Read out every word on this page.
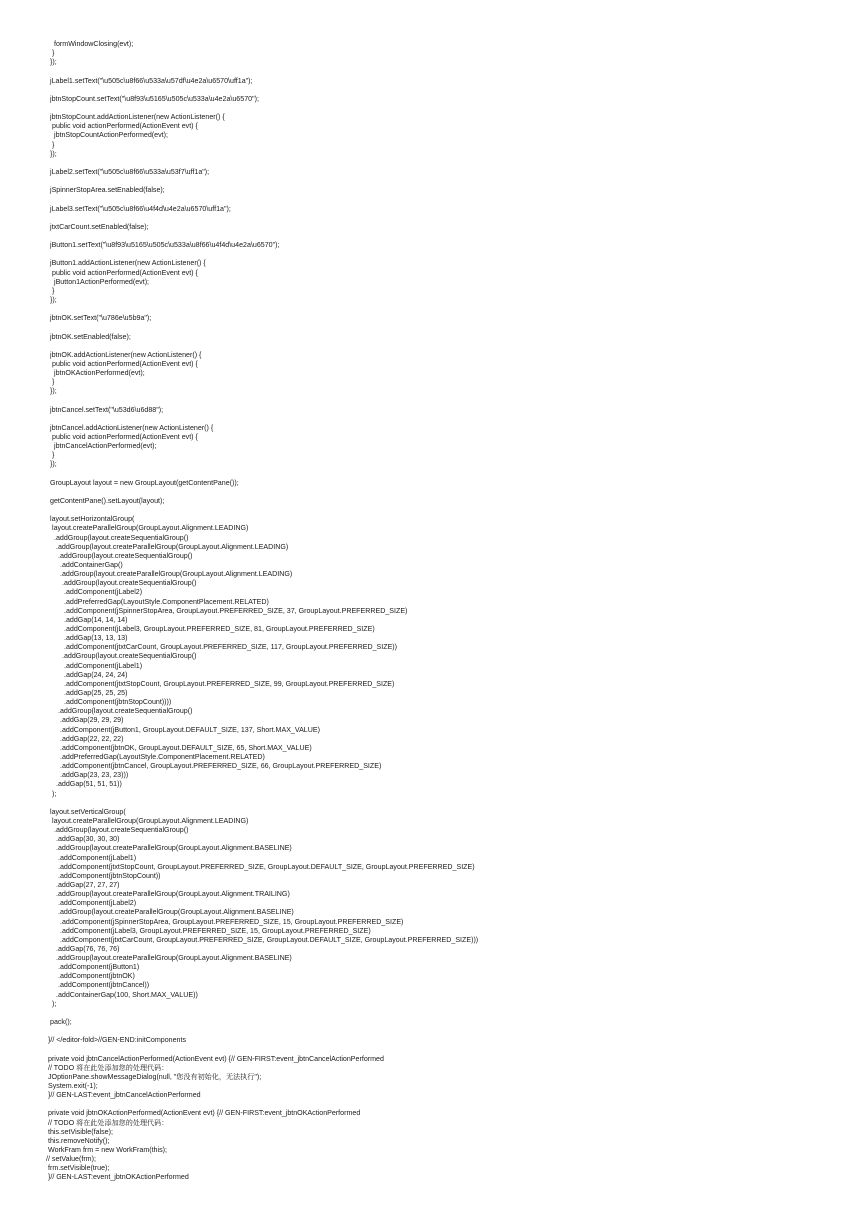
formWindowClosing(evt);
}
});
jLabel1.setText("\u505c\u8f66\u533a\u57df\u4e2a\u6570\uff1a");
jbtnStopCount.setText("\u8f93\u5165\u505c\u533a\u4e2a\u6570");
jbtnStopCount.addActionListener(new ActionListener() {
public void actionPerformed(ActionEvent evt) {
jbtnStopCountActionPerformed(evt);
}
});
jLabel2.setText("\u505c\u8f66\u533a\u53f7\uff1a");
jSpinnerStopArea.setEnabled(false);
jLabel3.setText("\u505c\u8f66\u4f4d\u4e2a\u6570\uff1a");
jtxtCarCount.setEnabled(false);
jButton1.setText("\u8f93\u5165\u505c\u533a\u8f66\u4f4d\u4e2a\u6570");
jButton1.addActionListener(new ActionListener() {
public void actionPerformed(ActionEvent evt) {
jButton1ActionPerformed(evt);
}
});
jbtnOK.setText("\u786e\u5b9a");
jbtnOK.setEnabled(false);
jbtnOK.addActionListener(new ActionListener() {
public void actionPerformed(ActionEvent evt) {
jbtnOKActionPerformed(evt);
}
});
jbtnCancel.setText("\u53d6\u6d88");
jbtnCancel.addActionListener(new ActionListener() {
public void actionPerformed(ActionEvent evt) {
jbtnCancelActionPerformed(evt);
}
});
GroupLayout layout = new GroupLayout(getContentPane());
getContentPane().setLayout(layout);
layout.setHorizontalGroup(
layout.createParallelGroup(GroupLayout.Alignment.LEADING)
.addGroup(layout.createSequentialGroup()
.addGroup(layout.createParallelGroup(GroupLayout.Alignment.LEADING)
.addGroup(layout.createSequentialGroup()
.addContainerGap()
.addGroup(layout.createParallelGroup(GroupLayout.Alignment.LEADING)
.addGroup(layout.createSequentialGroup()
.addComponent(jLabel2)
.addPreferredGap(LayoutStyle.ComponentPlacement.RELATED)
.addComponent(jSpinnerStopArea, GroupLayout.PREFERRED_SIZE, 37, GroupLayout.PREFERRED_SIZE)
.addGap(14, 14, 14)
.addComponent(jLabel3, GroupLayout.PREFERRED_SIZE, 81, GroupLayout.PREFERRED_SIZE)
.addGap(13, 13, 13)
.addComponent(jtxtCarCount, GroupLayout.PREFERRED_SIZE, 117, GroupLayout.PREFERRED_SIZE))
.addGroup(layout.createSequentialGroup()
.addComponent(jLabel1)
.addGap(24, 24, 24)
.addComponent(jtxtStopCount, GroupLayout.PREFERRED_SIZE, 99, GroupLayout.PREFERRED_SIZE)
.addGap(25, 25, 25)
.addComponent(jbtnStopCount))))
.addGroup(layout.createSequentialGroup()
.addGap(29, 29, 29)
.addComponent(jButton1, GroupLayout.DEFAULT_SIZE, 137, Short.MAX_VALUE)
.addGap(22, 22, 22)
.addComponent(jbtnOK, GroupLayout.DEFAULT_SIZE, 65, Short.MAX_VALUE)
.addPreferredGap(LayoutStyle.ComponentPlacement.RELATED)
.addComponent(jbtnCancel, GroupLayout.PREFERRED_SIZE, 66, GroupLayout.PREFERRED_SIZE)
.addGap(23, 23, 23)))
.addGap(51, 51, 51))
);
layout.setVerticalGroup(
layout.createParallelGroup(GroupLayout.Alignment.LEADING)
.addGroup(layout.createSequentialGroup()
.addGap(30, 30, 30)
.addGroup(layout.createParallelGroup(GroupLayout.Alignment.BASELINE)
.addComponent(jLabel1)
.addComponent(jtxtStopCount, GroupLayout.PREFERRED_SIZE, GroupLayout.DEFAULT_SIZE, GroupLayout.PREFERRED_SIZE)
.addComponent(jbtnStopCount))
.addGap(27, 27, 27)
.addGroup(layout.createParallelGroup(GroupLayout.Alignment.TRAILING)
.addComponent(jLabel2)
.addGroup(layout.createParallelGroup(GroupLayout.Alignment.BASELINE)
.addComponent(jSpinnerStopArea, GroupLayout.PREFERRED_SIZE, 15, GroupLayout.PREFERRED_SIZE)
.addComponent(jLabel3, GroupLayout.PREFERRED_SIZE, 15, GroupLayout.PREFERRED_SIZE)
.addComponent(jtxtCarCount, GroupLayout.PREFERRED_SIZE, GroupLayout.DEFAULT_SIZE, GroupLayout.PREFERRED_SIZE)))
.addGap(76, 76, 76)
.addGroup(layout.createParallelGroup(GroupLayout.Alignment.BASELINE)
.addComponent(jButton1)
.addComponent(jbtnOK)
.addComponent(jbtnCancel))
.addContainerGap(100, Short.MAX_VALUE))
);
pack();
}// </editor-fold>//GEN-END:initComponents
private void jbtnCancelActionPerformed(ActionEvent evt) {// GEN-FIRST:event_jbtnCancelActionPerformed
// TODO 将在此处添加您的处理代码：
JOptionPane.showMessageDialog(null, "您没有初始化，无法执行");
System.exit(-1);
}// GEN-LAST:event_jbtnCancelActionPerformed
private void jbtnOKActionPerformed(ActionEvent evt) {// GEN-FIRST:event_jbtnOKActionPerformed
// TODO 将在此处添加您的处理代码：
this.setVisible(false);
this.removeNotify();
WorkFram frm = new WorkFram(this);
// setValue(frm);
frm.setVisible(true);
}// GEN-LAST:event_jbtnOKActionPerformed
